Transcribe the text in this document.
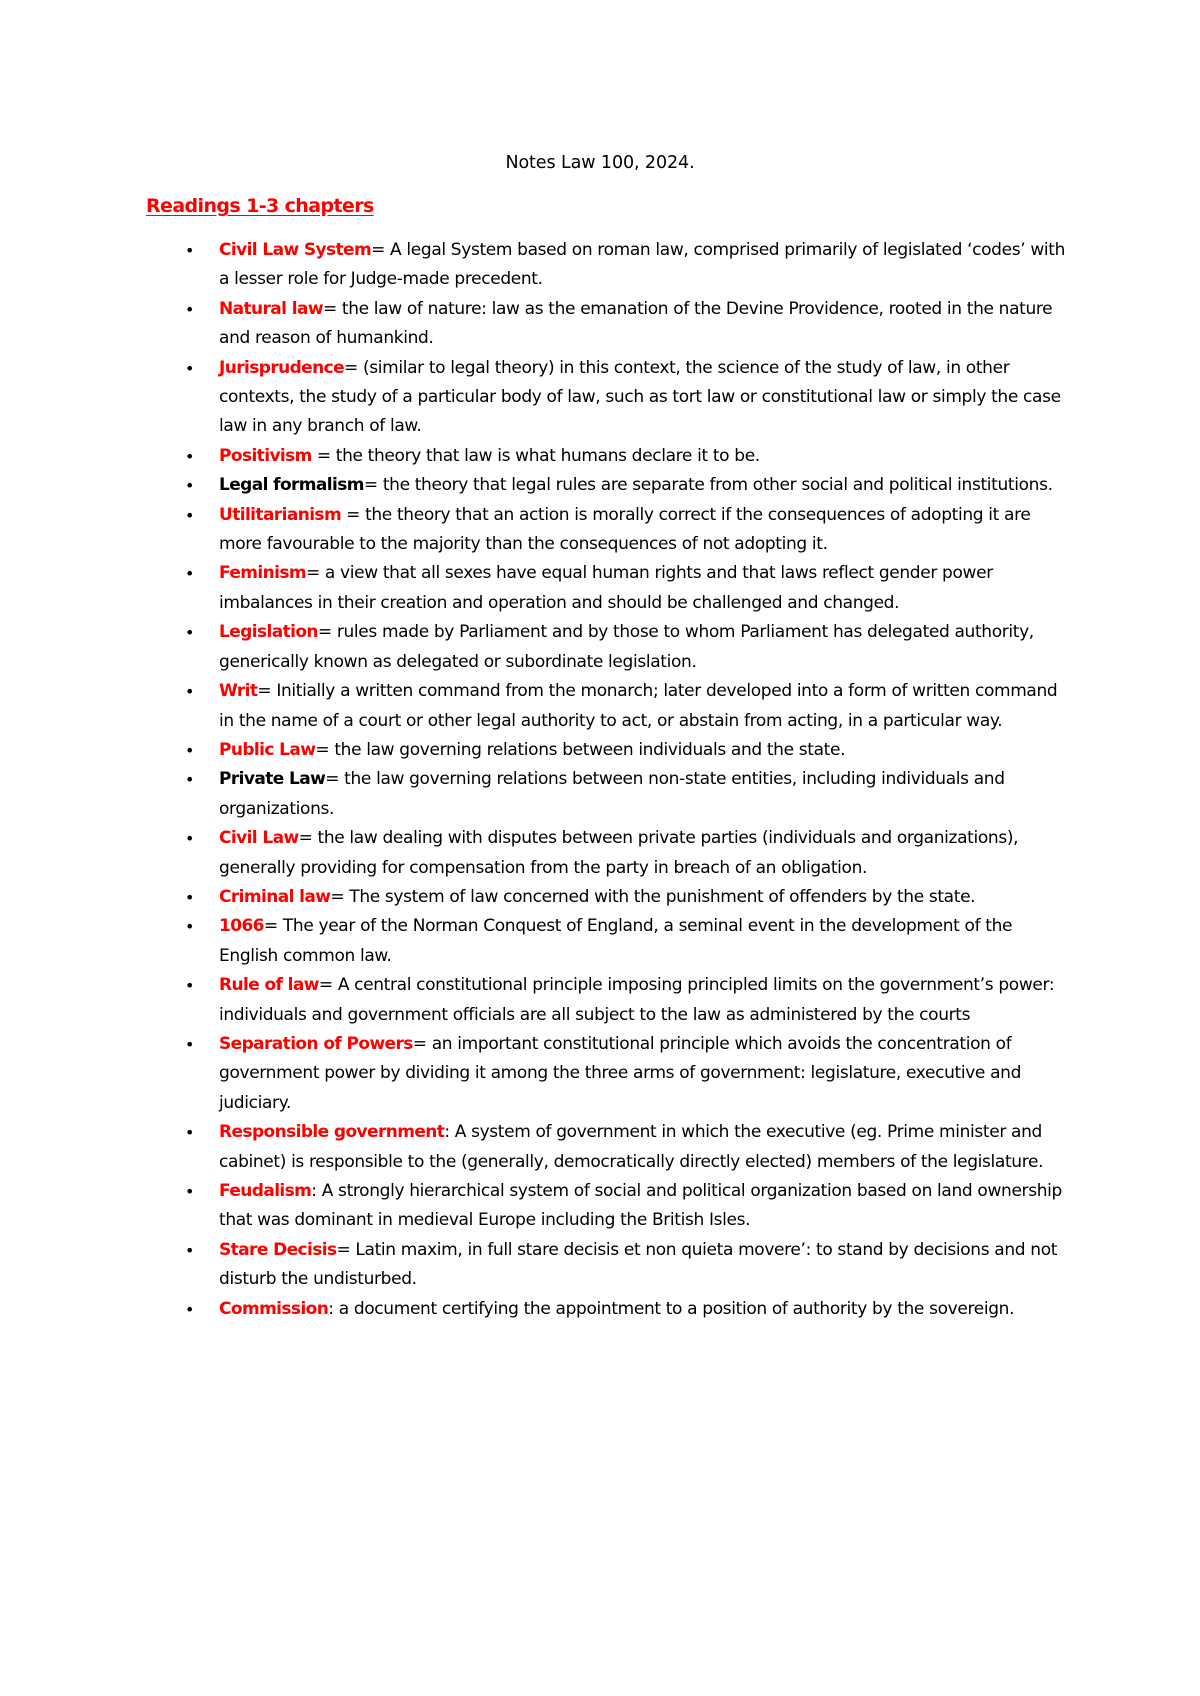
Notes Law 100, 2024.
Readings 1-3 chapters
• Civil Law System= A legal System based on roman law, comprised primarily of legislated ‘codes’ with a lesser role for Judge-made precedent.
• Natural law= the law of nature: law as the emanation of the Devine Providence, rooted in the nature and reason of humankind.
• Jurisprudence= (similar to legal theory) in this context, the science of the study of law, in other contexts, the study of a particular body of law, such as tort law or constitutional law or simply the case law in any branch of law.
• Positivism = the theory that law is what humans declare it to be.
• Legal formalism= the theory that legal rules are separate from other social and political institutions.
• Utilitarianism = the theory that an action is morally correct if the consequences of adopting it are more favourable to the majority than the consequences of not adopting it.
• Feminism= a view that all sexes have equal human rights and that laws reflect gender power imbalances in their creation and operation and should be challenged and changed.
• Legislation= rules made by Parliament and by those to whom Parliament has delegated authority, generically known as delegated or subordinate legislation.
• Writ= Initially a written command from the monarch; later developed into a form of written command in the name of a court or other legal authority to act, or abstain from acting, in a particular way.
• Public Law= the law governing relations between individuals and the state.
• Private Law= the law governing relations between non-state entities, including individuals and organizations.
• Civil Law= the law dealing with disputes between private parties (individuals and organizations), generally providing for compensation from the party in breach of an obligation.
• Criminal law= The system of law concerned with the punishment of offenders by the state.
• 1066= The year of the Norman Conquest of England, a seminal event in the development of the English common law.
• Rule of law= A central constitutional principle imposing principled limits on the government’s power: individuals and government officials are all subject to the law as administered by the courts
• Separation of Powers= an important constitutional principle which avoids the concentration of government power by dividing it among the three arms of government: legislature, executive and judiciary.
• Responsible government: A system of government in which the executive (eg. Prime minister and cabinet) is responsible to the (generally, democratically directly elected) members of the legislature.
• Feudalism: A strongly hierarchical system of social and political organization based on land ownership that was dominant in medieval Europe including the British Isles.
• Stare Decisis= Latin maxim, in full stare decisis et non quieta movere’: to stand by decisions and not disturb the undisturbed.
• Commission: a document certifying the appointment to a position of authority by the sovereign.
